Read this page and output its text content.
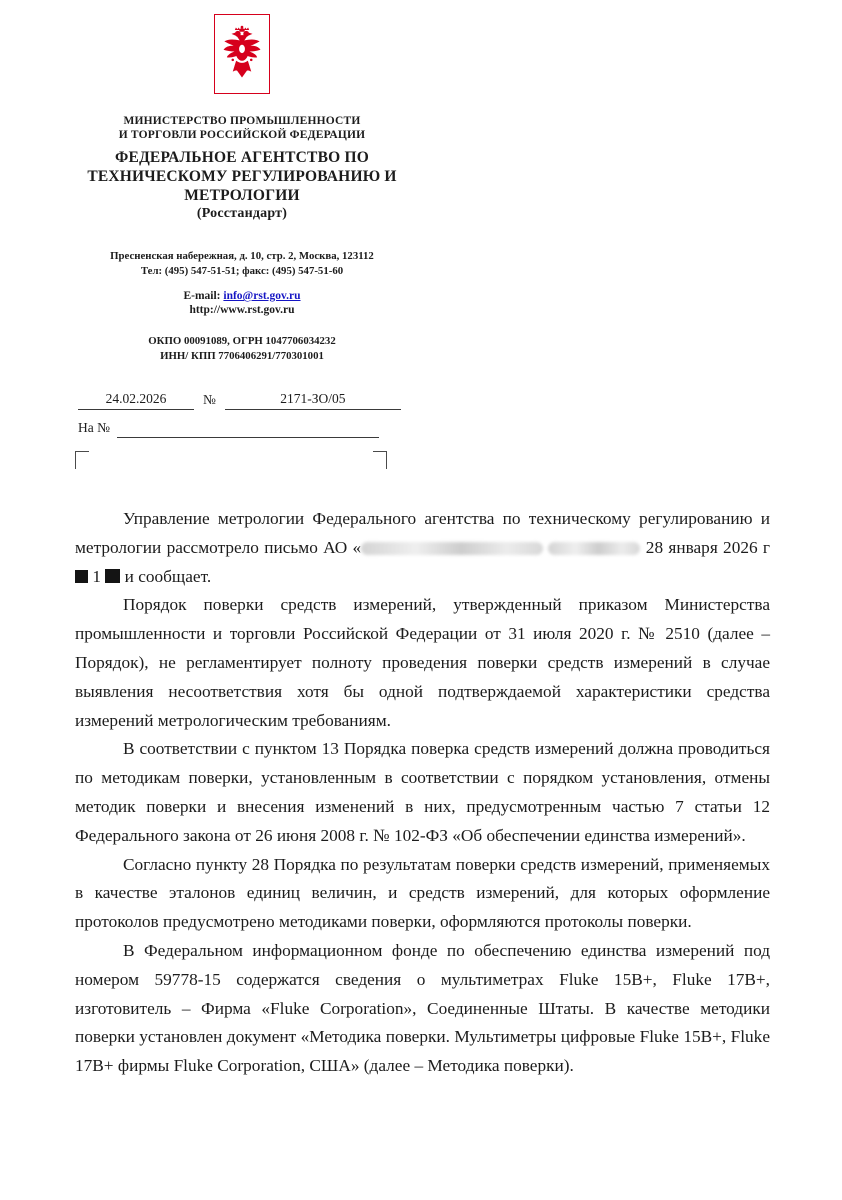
МИНИСТЕРСТВО ПРОМЫШЛЕННОСТИ
И ТОРГОВЛИ РОССИЙСКОЙ ФЕДЕРАЦИИ
ФЕДЕРАЛЬНОЕ АГЕНТСТВО ПО
ТЕХНИЧЕСКОМУ РЕГУЛИРОВАНИЮ И
МЕТРОЛОГИИ
(Росстандарт)
Пресненская набережная, д. 10, стр. 2, Москва, 123112
Тел: (495) 547-51-51; факс: (495) 547-51-60
E-mail: info@rst.gov.ru
http://www.rst.gov.ru
ОКПО 00091089, ОГРН 1047706034232
ИНН/ КПП 7706406291/770301001
24.02.2026	№	2171-ЗО/05
На №

Управление метрологии Федерального агентства по техническому регулированию и метрологии рассмотрело письмо АО «	28 января 2026 г  1 и сообщает.

Порядок поверки средств измерений, утвержденный приказом Министерства промышленности и торговли Российской Федерации от 31 июля 2020 г. № 2510 (далее – Порядок), не регламентирует полноту проведения поверки средств измерений в случае выявления несоответствия хотя бы одной подтверждаемой характеристики средства измерений метрологическим требованиям.

В соответствии с пунктом 13 Порядка поверка средств измерений должна проводиться по методикам поверки, установленным в соответствии с порядком установления, отмены методик поверки и внесения изменений в них, предусмотренным частью 7 статьи 12 Федерального закона от 26 июня 2008 г. № 102-ФЗ «Об обеспечении единства измерений».

Согласно пункту 28 Порядка по результатам поверки средств измерений, применяемых в качестве эталонов единиц величин, и средств измерений, для которых оформление протоколов предусмотрено методиками поверки, оформляются протоколы поверки.

В Федеральном информационном фонде по обеспечению единства измерений под номером 59778-15 содержатся сведения о мультиметрах Fluke 15B+, Fluke 17B+, изготовитель – Фирма «Fluke Corporation», Соединенные Штаты. В качестве методики поверки установлен документ «Методика поверки. Мультиметры цифровые Fluke 15B+, Fluke 17B+ фирмы Fluke Corporation, США» (далее – Методика поверки).
